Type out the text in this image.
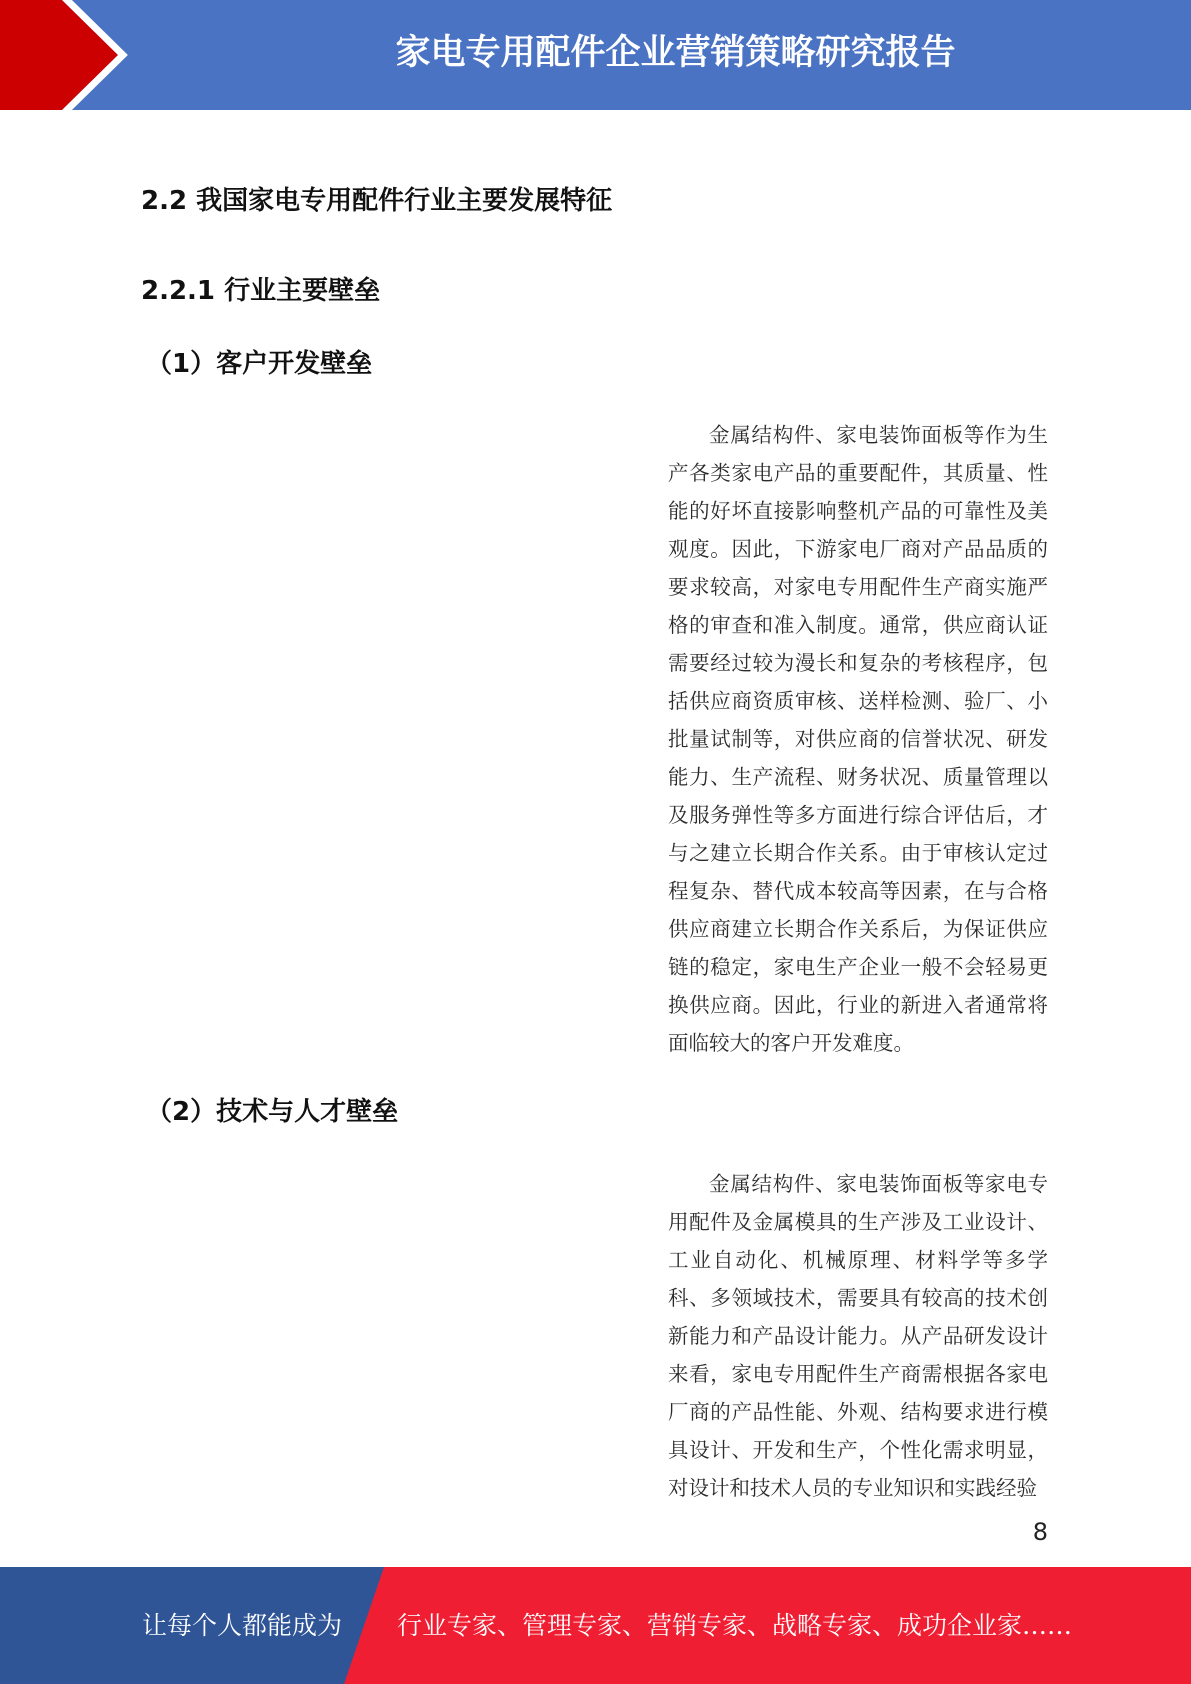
家电专用配件企业营销策略研究报告
2.2 我国家电专用配件行业主要发展特征
2.2.1 行业主要壁垒
（1）客户开发壁垒

金属结构件、家电装饰面板等作为生产各类家电产品的重要配件，其质量、性能的好坏直接影响整机产品的可靠性及美观度。因此，下游家电厂商对产品品质的要求较高，对家电专用配件生产商实施严格的审查和准入制度。通常，供应商认证需要经过较为漫长和复杂的考核程序，包括供应商资质审核、送样检测、验厂、小批量试制等，对供应商的信誉状况、研发能力、生产流程、财务状况、质量管理以及服务弹性等多方面进行综合评估后，才与之建立长期合作关系。由于审核认定过程复杂、替代成本较高等因素，在与合格供应商建立长期合作关系后，为保证供应链的稳定，家电生产企业一般不会轻易更换供应商。因此，行业的新进入者通常将面临较大的客户开发难度。

（2）技术与人才壁垒

金属结构件、家电装饰面板等家电专用配件及金属模具的生产涉及工业设计、工业自动化、机械原理、材料学等多学科、多领域技术，需要具有较高的技术创新能力和产品设计能力。从产品研发设计来看，家电专用配件生产商需根据各家电厂商的产品性能、外观、结构要求进行模具设计、开发和生产，个性化需求明显，对设计和技术人员的专业知识和实践经验

8
让每个人都能成为 行业专家、管理专家、营销专家、战略专家、成功企业家……
